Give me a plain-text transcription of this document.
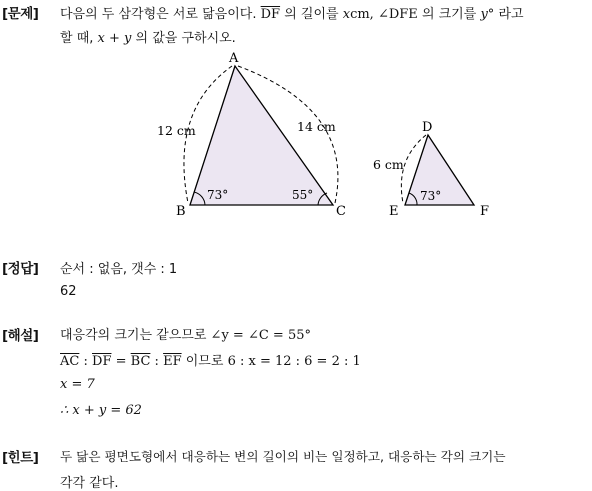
[문제] 다음의 두 삼각형은 서로 닮음이다. $\overline{DF}$ 의 길이를 xcm, ∠DFE 의 크기를 y° 라고
할 때, x + y 의 값을 구하시오.
A
B	C
12 cm	14 cm
73°	55°
D
E	F
6 cm
73°
[정답] 순서 : 없음, 갯수 : 1
62
[해설] 대응각의 크기는 같으므로 ∠y = ∠C = 55°
$\overline{AC}$ : $\overline{DF} = \overline{BC}$ : $\overline{EF}$ 이므로 6 : x = 12 : 6 = 2 : 1
x = 7
∴ x + y = 62
[힌트] 두 닮은 평면도형에서 대응하는 변의 길이의 비는 일정하고, 대응하는 각의 크기는
각각 같다.
